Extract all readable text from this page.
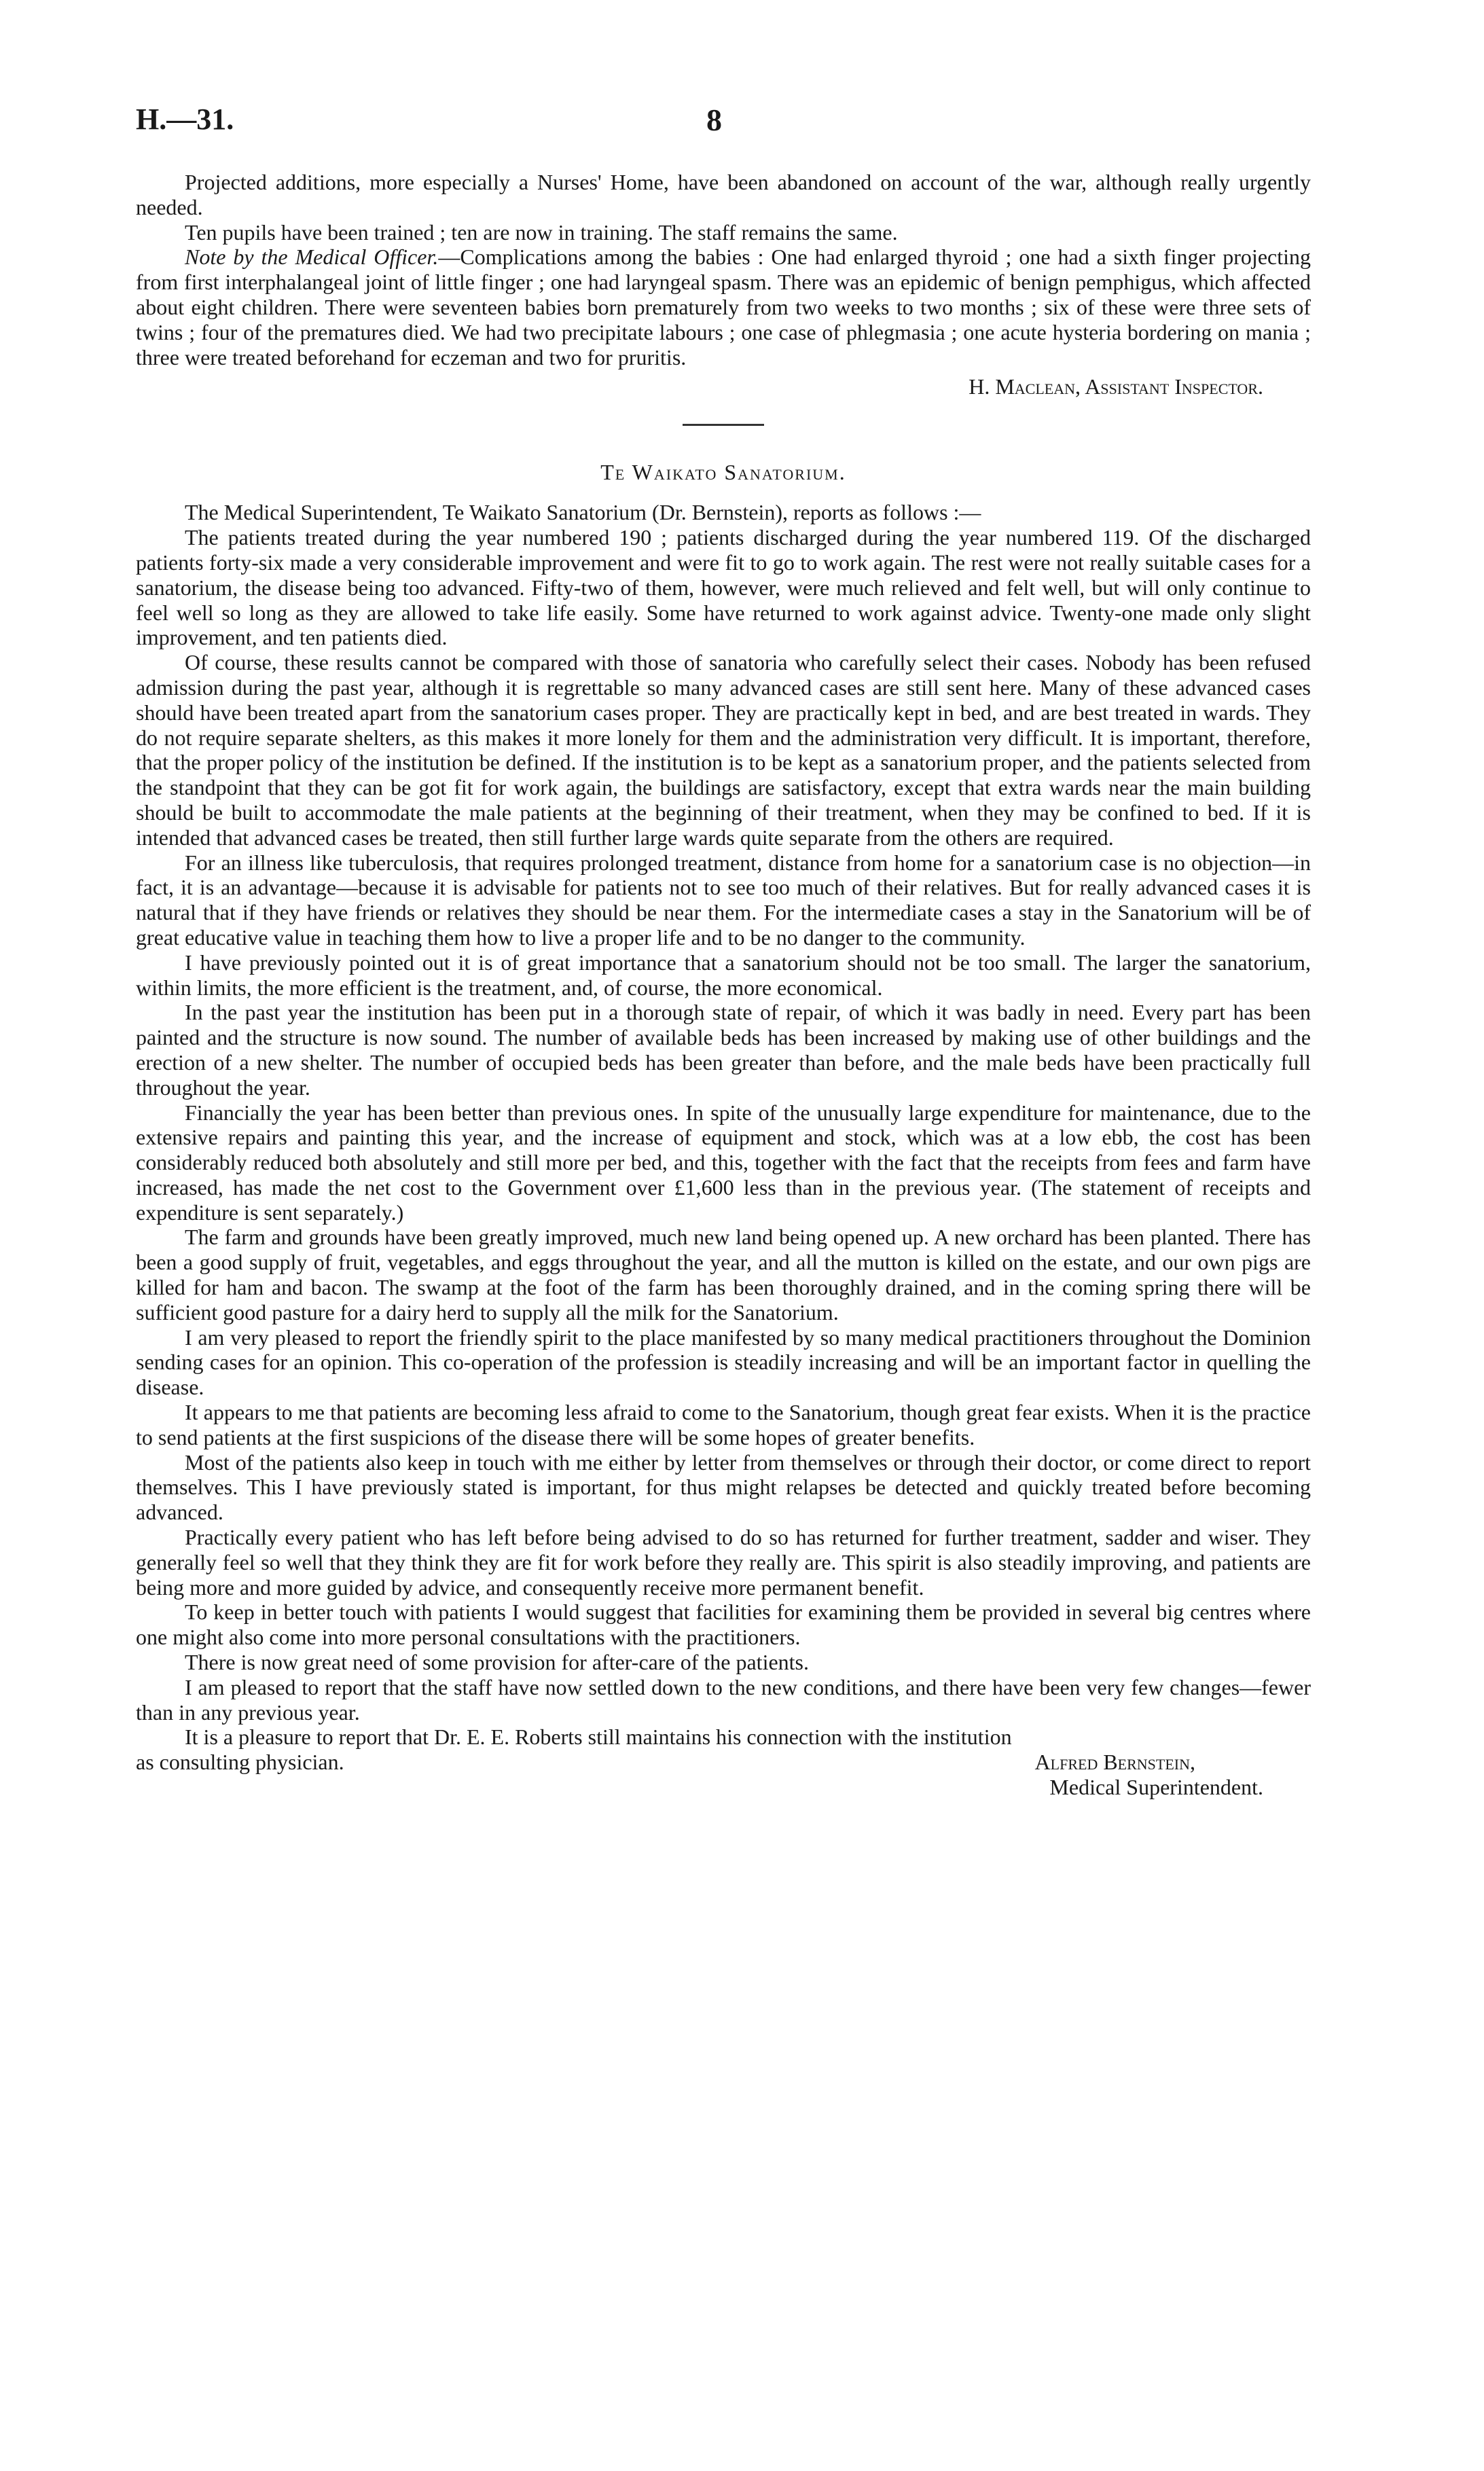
H.—31.	8

Projected additions, more especially a Nurses' Home, have been abandoned on account of the war, although really urgently needed.

Ten pupils have been trained ; ten are now in training. The staff remains the same.

Note by the Medical Officer.—Complications among the babies : One had enlarged thyroid ; one had a sixth finger projecting from first interphalangeal joint of little finger ; one had laryngeal spasm. There was an epidemic of benign pemphigus, which affected about eight children. There were seventeen babies born prematurely from two weeks to two months ; six of these were three sets of twins ; four of the prematures died. We had two precipitate labours ; one case of phlegmasia ; one acute hysteria bordering on mania ; three were treated beforehand for eczeman and two for pruritis.

H. Maclean, Assistant Inspector.
Te Waikato Sanatorium.

The Medical Superintendent, Te Waikato Sanatorium (Dr. Bernstein), reports as follows :—

The patients treated during the year numbered 190 ; patients discharged during the year numbered 119. Of the discharged patients forty-six made a very considerable improvement and were fit to go to work again. The rest were not really suitable cases for a sanatorium, the disease being too advanced. Fifty-two of them, however, were much relieved and felt well, but will only continue to feel well so long as they are allowed to take life easily. Some have returned to work against advice. Twenty-one made only slight improvement, and ten patients died.

Of course, these results cannot be compared with those of sanatoria who carefully select their cases. Nobody has been refused admission during the past year, although it is regrettable so many advanced cases are still sent here. Many of these advanced cases should have been treated apart from the sanatorium cases proper. They are practically kept in bed, and are best treated in wards. They do not require separate shelters, as this makes it more lonely for them and the administration very difficult. It is important, therefore, that the proper policy of the institution be defined. If the institution is to be kept as a sanatorium proper, and the patients selected from the standpoint that they can be got fit for work again, the buildings are satisfactory, except that extra wards near the main building should be built to accommodate the male patients at the beginning of their treatment, when they may be confined to bed. If it is intended that advanced cases be treated, then still further large wards quite separate from the others are required.

For an illness like tuberculosis, that requires prolonged treatment, distance from home for a sanatorium case is no objection—in fact, it is an advantage—because it is advisable for patients not to see too much of their relatives. But for really advanced cases it is natural that if they have friends or relatives they should be near them. For the intermediate cases a stay in the Sanatorium will be of great educative value in teaching them how to live a proper life and to be no danger to the community.

I have previously pointed out it is of great importance that a sanatorium should not be too small. The larger the sanatorium, within limits, the more efficient is the treatment, and, of course, the more economical.

In the past year the institution has been put in a thorough state of repair, of which it was badly in need. Every part has been painted and the structure is now sound. The number of available beds has been increased by making use of other buildings and the erection of a new shelter. The number of occupied beds has been greater than before, and the male beds have been practically full throughout the year.

Financially the year has been better than previous ones. In spite of the unusually large expenditure for maintenance, due to the extensive repairs and painting this year, and the increase of equipment and stock, which was at a low ebb, the cost has been considerably reduced both absolutely and still more per bed, and this, together with the fact that the receipts from fees and farm have increased, has made the net cost to the Government over £1,600 less than in the previous year. (The statement of receipts and expenditure is sent separately.)

The farm and grounds have been greatly improved, much new land being opened up. A new orchard has been planted. There has been a good supply of fruit, vegetables, and eggs throughout the year, and all the mutton is killed on the estate, and our own pigs are killed for ham and bacon. The swamp at the foot of the farm has been thoroughly drained, and in the coming spring there will be sufficient good pasture for a dairy herd to supply all the milk for the Sanatorium.

I am very pleased to report the friendly spirit to the place manifested by so many medical practitioners throughout the Dominion sending cases for an opinion. This co-operation of the profession is steadily increasing and will be an important factor in quelling the disease.

It appears to me that patients are becoming less afraid to come to the Sanatorium, though great fear exists. When it is the practice to send patients at the first suspicions of the disease there will be some hopes of greater benefits.

Most of the patients also keep in touch with me either by letter from themselves or through their doctor, or come direct to report themselves. This I have previously stated is important, for thus might relapses be detected and quickly treated before becoming advanced.

Practically every patient who has left before being advised to do so has returned for further treatment, sadder and wiser. They generally feel so well that they think they are fit for work before they really are. This spirit is also steadily improving, and patients are being more and more guided by advice, and consequently receive more permanent benefit.

To keep in better touch with patients I would suggest that facilities for examining them be provided in several big centres where one might also come into more personal consultations with the practitioners.

There is now great need of some provision for after-care of the patients.

I am pleased to report that the staff have now settled down to the new conditions, and there have been very few changes—fewer than in any previous year.

It is a pleasure to report that Dr. E. E. Roberts still maintains his connection with the institution

as consulting physician.	Alfred Bernstein,
Medical Superintendent.
